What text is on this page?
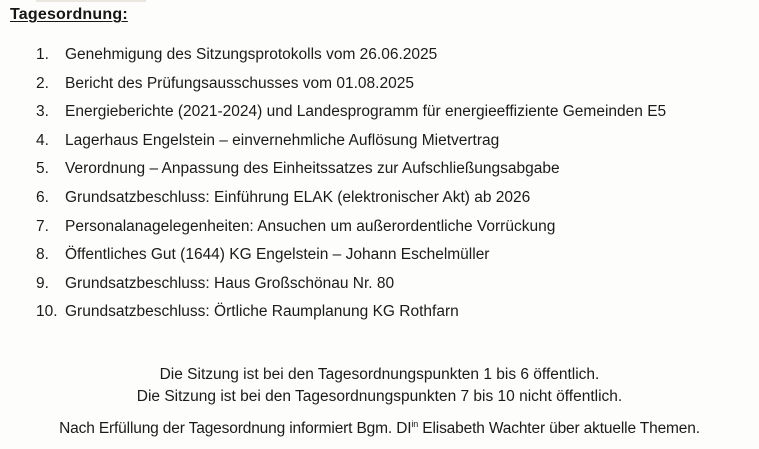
Tagesordnung:
1.	Genehmigung des Sitzungsprotokolls vom 26.06.2025
2.	Bericht des Prüfungsausschusses vom 01.08.2025
3.	Energieberichte (2021-2024) und Landesprogramm für energieeffiziente Gemeinden E5
4.	Lagerhaus Engelstein – einvernehmliche Auflösung Mietvertrag
5.	Verordnung – Anpassung des Einheitssatzes zur Aufschließungsabgabe
6.	Grundsatzbeschluss: Einführung ELAK (elektronischer Akt) ab 2026
7.	Personalanagelegenheiten: Ansuchen um außerordentliche Vorrückung
8.	Öffentliches Gut (1644) KG Engelstein – Johann Eschelmüller
9.	Grundsatzbeschluss: Haus Großschönau Nr. 80
10. Grundsatzbeschluss: Örtliche Raumplanung KG Rothfarn

Die Sitzung ist bei den Tagesordnungspunkten 1 bis 6 öffentlich.

Die Sitzung ist bei den Tagesordnungspunkten 7 bis 10 nicht öffentlich.

Nach Erfüllung der Tagesordnung informiert Bgm. $DI^{in}$ Elisabeth Wachter über aktuelle Themen.
